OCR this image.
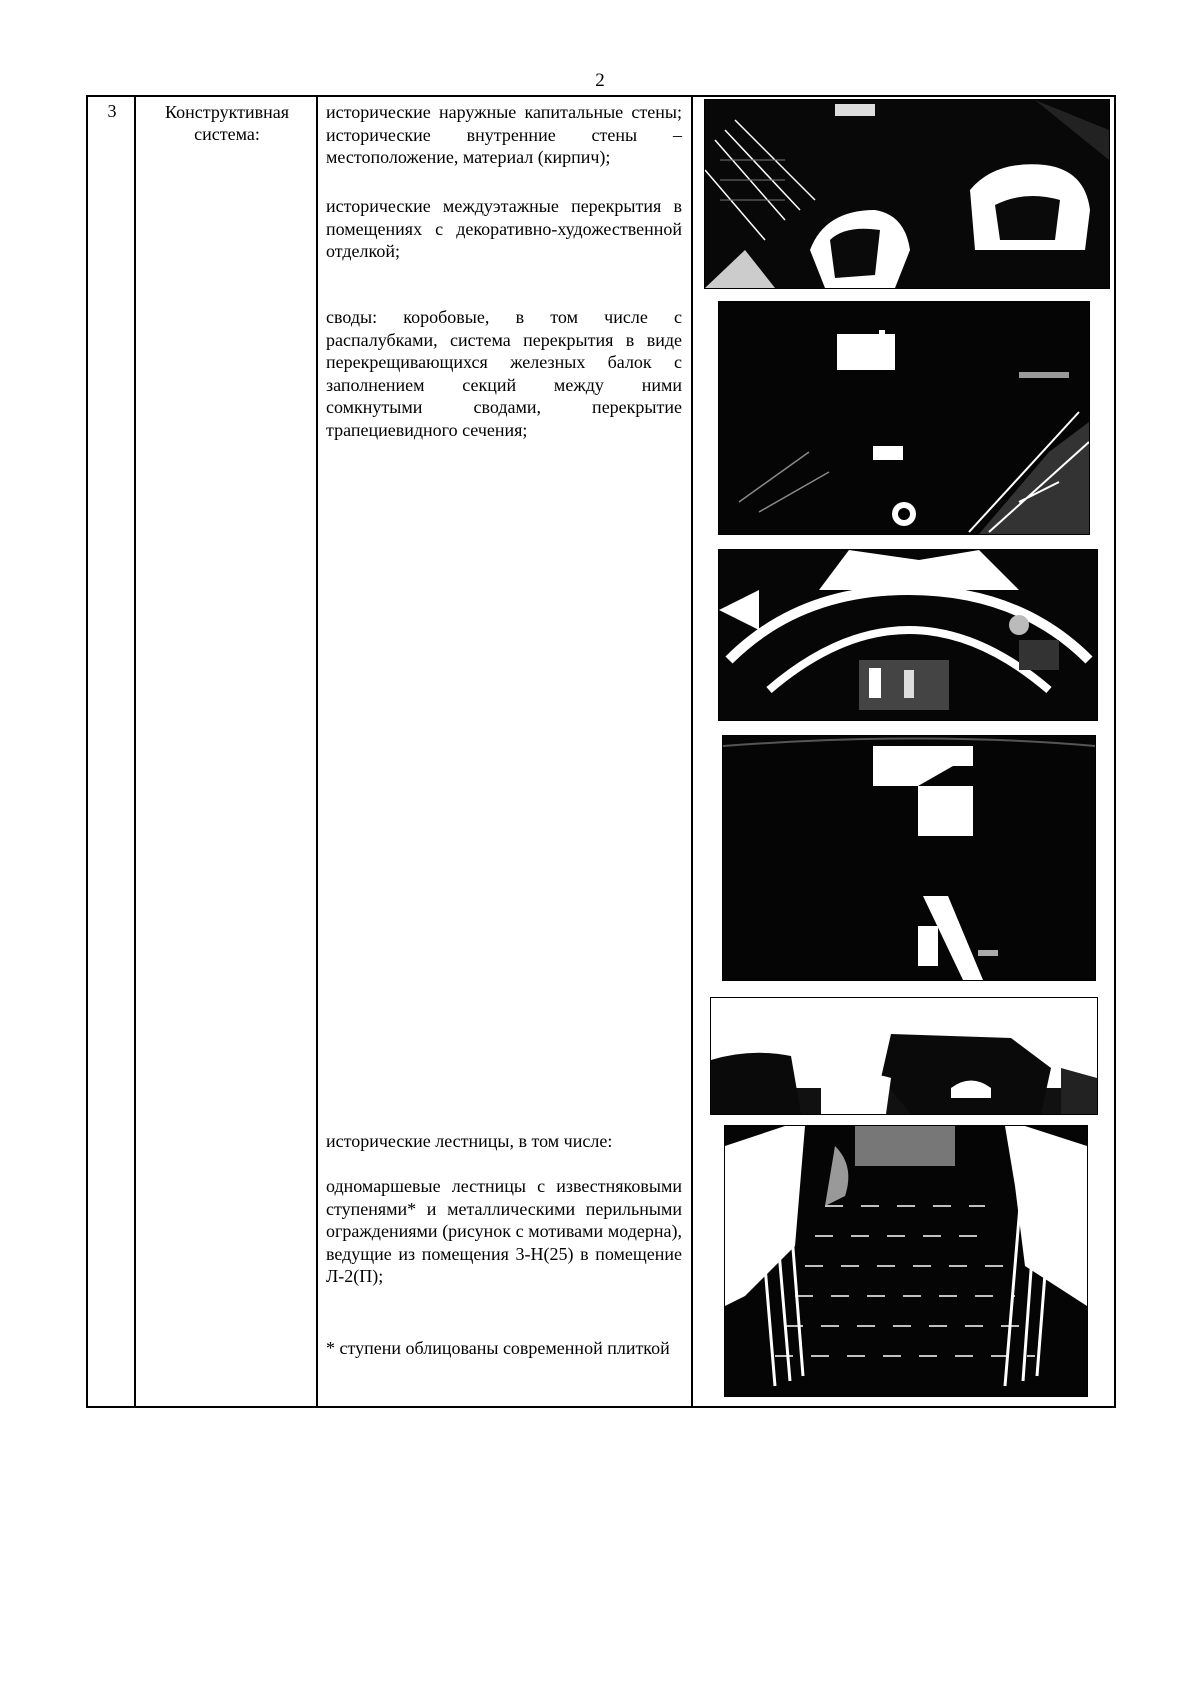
2
3	Конструктивная система:
исторические наружные капитальные стены; исторические внутренние стены – местоположение, материал (кирпич);
исторические междуэтажные перекрытия в помещениях с декоративно-художественной отделкой;
своды: коробовые, в том числе с распалубками, система перекрытия в виде перекрещивающихся железных балок с заполнением секций между ними сомкнутыми сводами, перекрытие трапециевидного сечения;
исторические лестницы, в том числе:
одномаршевые лестницы с известняковыми ступенями* и металлическими перильными ограждениями (рисунок с мотивами модерна), ведущие из помещения 3-Н(25) в помещение Л-2(П);
* ступени облицованы современной плиткой
